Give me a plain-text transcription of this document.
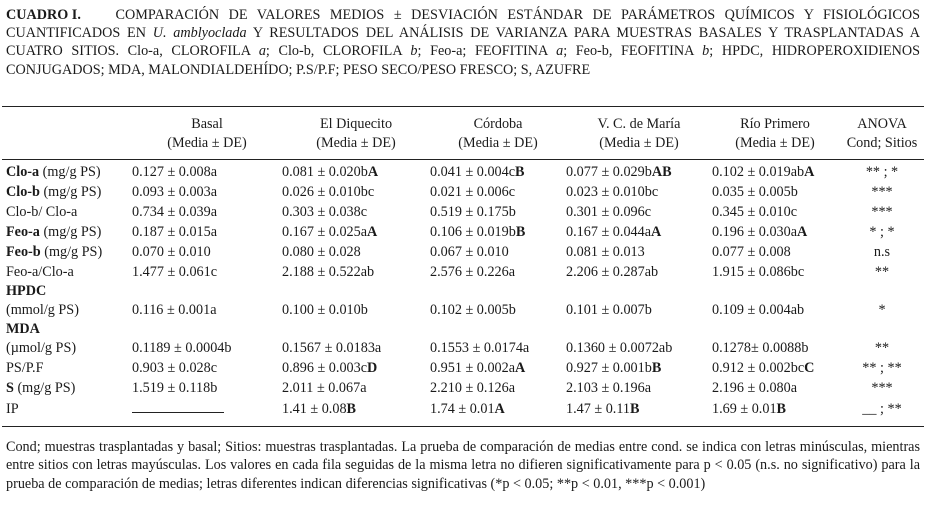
CUADRO I. COMPARACIÓN DE VALORES MEDIOS ± DESVIACIÓN ESTÁNDAR DE PARÁMETROS QUÍMICOS Y FISIOLÓGICOS CUANTIFICADOS EN U. amblyoclada Y RESULTADOS DEL ANÁLISIS DE VARIANZA PARA MUESTRAS BASALES Y TRASPLANTADAS A CUATRO SITIOS. Clo-a, CLOROFILA a; Clo-b, CLOROFILA b; Feo-a; FEOFITINA a; Feo-b, FEOFITINA b; HPDC, HIDROPEROXIDIENOS CONJUGADOS; MDA, MALONDIALDEHÍDO; P.S/P.F; PESO SECO/PESO FRESCO; S, AZUFRE
	Basal	El Diquecito	Córdoba	V. C. de María	Río Primero	ANOVA
	(Media ± DE)	(Media ± DE)	(Media ± DE)	(Media ± DE)	(Media ± DE)	Cond; Sitios

Clo-a (mg/g PS)	0.127 ± 0.008a	0.081 ± 0.020bA	0.041 ± 0.004cB	0.077 ± 0.029bAB	0.102 ± 0.019abA	** ; *
Clo-b (mg/g PS)	0.093 ± 0.003a	0.026 ± 0.010bc	0.021 ± 0.006c	0.023 ± 0.010bc	0.035 ± 0.005b	***
Clo-b/ Clo-a	0.734 ± 0.039a	0.303 ± 0.038c	0.519 ± 0.175b	0.301 ± 0.096c	0.345 ± 0.010c	***
Feo-a (mg/g PS)	0.187 ± 0.015a	0.167 ± 0.025aA	0.106 ± 0.019bB	0.167 ± 0.044aA	0.196 ± 0.030aA	* ; *
Feo-b (mg/g PS)	0.070 ± 0.010	0.080 ± 0.028	0.067 ± 0.010	0.081 ± 0.013	0.077 ± 0.008	n.s
Feo-a/Clo-a	1.477 ± 0.061c	2.188 ± 0.522ab	2.576 ± 0.226a	2.206 ± 0.287ab	1.915 ± 0.086bc	**
HPDC						
(mmol/g PS)	0.116 ± 0.001a	0.100 ± 0.010b	0.102 ± 0.005b	0.101 ± 0.007b	0.109 ± 0.004ab	*
MDA						
(µmol/g PS)	0.1189 ± 0.0004b	0.1567 ± 0.0183a	0.1553 ± 0.0174a	0.1360 ± 0.0072ab	0.1278± 0.0088b	**
PS/P.F	0.903 ± 0.028c	0.896 ± 0.003cD	0.951 ± 0.002aA	0.927 ± 0.001bB	0.912 ± 0.002bcC	** ; **
S (mg/g PS)	1.519 ± 0.118b	2.011 ± 0.067a	2.210 ± 0.126a	2.103 ± 0.196a	2.196 ± 0.080a	***
IP		1.41 ± 0.08B	1.74 ± 0.01A	1.47 ± 0.11B	1.69 ± 0.01B	__ ; **
Cond; muestras trasplantadas y basal; Sitios: muestras trasplantadas. La prueba de comparación de medias entre cond. se indica con letras minúsculas, mientras entre sitios con letras mayúsculas. Los valores en cada fila seguidas de la misma letra no difieren significativamente para p < 0.05 (n.s. no significativo) para la prueba de comparación de medias; letras diferentes indican diferencias significativas (*p < 0.05; **p < 0.01, ***p < 0.001)
